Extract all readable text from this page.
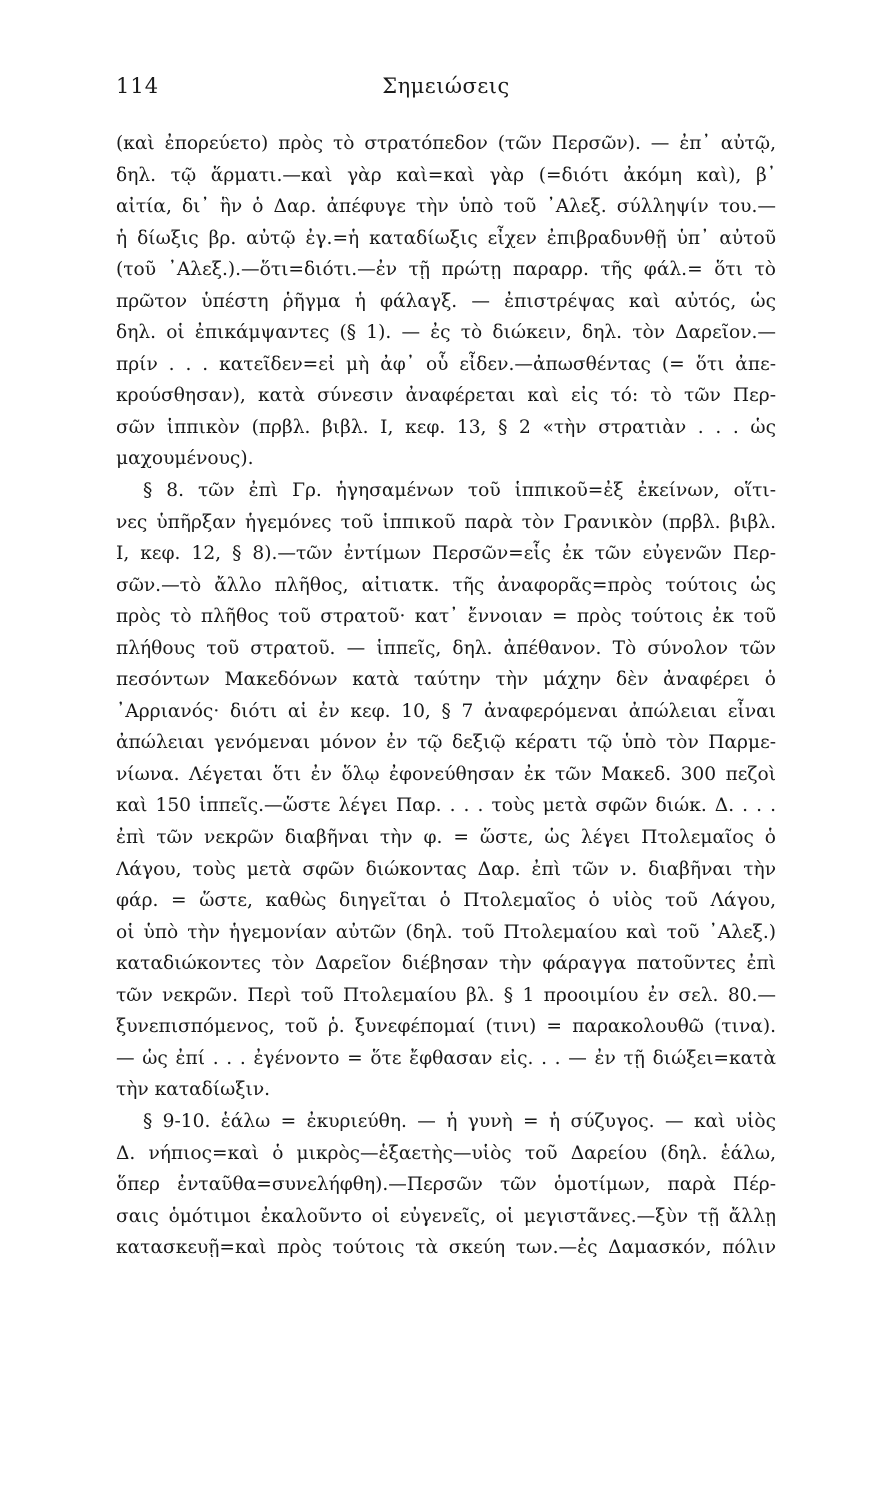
114	Σημειώσεις
(καὶ ἐπορεύετο) πρὸς τὸ στρατόπεδον (τῶν Περσῶν). — ἐπ᾽ αὐτῷ,
δηλ. τῷ ἅρματι.—καὶ γὰρ καὶ=καὶ γὰρ (=διότι ἀκόμη καὶ), β᾽
αἰτία, δι᾽ ἣν ὁ Δαρ. ἀπέφυγε τὴν ὑπὸ τοῦ ᾿Αλεξ. σύλληψίν του.—
ἡ δίωξις βρ. αὐτῷ ἐγ.=ἡ καταδίωξις εἶχεν ἐπιβραδυνθῇ ὑπ᾽ αὐτοῦ
(τοῦ ᾿Αλεξ.).—ὅτι=διότι.—ἐν τῇ πρώτῃ παραρρ. τῆς φάλ.= ὅτι τὸ
πρῶτον ὑπέστη ῥῆγμα ἡ φάλαγξ. — ἐπιστρέψας καὶ αὐτός, ὡς
δηλ. οἱ ἐπικάμψαντες (§ 1). — ἐς τὸ διώκειν, δηλ. τὸν Δαρεῖον.—
πρίν . . . κατεῖδεν=εἰ μὴ ἀφ᾽ οὗ εἶδεν.—ἀπωσθέντας (= ὅτι ἀπε-
κρούσθησαν), κατὰ σύνεσιν ἀναφέρεται καὶ εἰς τό: τὸ τῶν Περ-
σῶν ἱππικὸν (πρβλ. βιβλ. I, κεφ. 13, § 2 «τὴν στρατιὰν . . . ὡς
μαχουμένους).
§ 8. τῶν ἐπὶ Γρ. ἡγησαμένων τοῦ ἱππικοῦ=ἐξ ἐκείνων, οἵτι-
νες ὑπῆρξαν ἡγεμόνες τοῦ ἱππικοῦ παρὰ τὸν Γρανικὸν (πρβλ. βιβλ.
I, κεφ. 12, § 8).—τῶν ἐντίμων Περσῶν=εἷς ἐκ τῶν εὐγενῶν Περ-
σῶν.—τὸ ἄλλο πλῆθος, αἰτιατκ. τῆς ἀναφορᾶς=πρὸς τούτοις ὡς
πρὸς τὸ πλῆθος τοῦ στρατοῦ· κατ᾽ ἔννοιαν = πρὸς τούτοις ἐκ τοῦ
πλήθους τοῦ στρατοῦ. — ἱππεῖς, δηλ. ἀπέθανον. Τὸ σύνολον τῶν
πεσόντων Μακεδόνων κατὰ ταύτην τὴν μάχην δὲν ἀναφέρει ὁ
᾿Αρριανός· διότι αἱ ἐν κεφ. 10, § 7 ἀναφερόμεναι ἀπώλειαι εἶναι
ἀπώλειαι γενόμεναι μόνον ἐν τῷ δεξιῷ κέρατι τῷ ὑπὸ τὸν Παρμε-
νίωνα. Λέγεται ὅτι ἐν ὅλῳ ἐφονεύθησαν ἐκ τῶν Μακεδ. 300 πεζοὶ
καὶ 150 ἱππεῖς.—ὥστε λέγει Παρ. . . . τοὺς μετὰ σφῶν διώκ. Δ. . . .
ἐπὶ τῶν νεκρῶν διαβῆναι τὴν φ. = ὥστε, ὡς λέγει Πτολεμαῖος ὁ
Λάγου, τοὺς μετὰ σφῶν διώκοντας Δαρ. ἐπὶ τῶν ν. διαβῆναι τὴν
φάρ. = ὥστε, καθὼς διηγεῖται ὁ Πτολεμαῖος ὁ υἱὸς τοῦ Λάγου,
οἱ ὑπὸ τὴν ἡγεμονίαν αὐτῶν (δηλ. τοῦ Πτολεμαίου καὶ τοῦ ᾿Αλεξ.)
καταδιώκοντες τὸν Δαρεῖον διέβησαν τὴν φάραγγα πατοῦντες ἐπὶ
τῶν νεκρῶν. Περὶ τοῦ Πτολεμαίου βλ. § 1 προοιμίου ἐν σελ. 80.—
ξυνεπισπόμενος, τοῦ ῥ. ξυνεφέπομαί (τινι) = παρακολουθῶ (τινα).
— ὡς ἐπί . . . ἐγένοντο = ὅτε ἔφθασαν εἰς. . . — ἐν τῇ διώξει=κατὰ
τὴν καταδίωξιν.
§ 9-10. ἑάλω = ἐκυριεύθη. — ἡ γυνὴ = ἡ σύζυγος. — καὶ υἱὸς
Δ. νήπιος=καὶ ὁ μικρὸς—ἑξαετὴς—υἱὸς τοῦ Δαρείου (δηλ. ἑάλω,
ὅπερ ἐνταῦθα=συνελήφθη).—Περσῶν τῶν ὁμοτίμων, παρὰ Πέρ-
σαις ὁμότιμοι ἐκαλοῦντο οἱ εὐγενεῖς, οἱ μεγιστᾶνες.—ξὺν τῇ ἄλλῃ
κατασκευῇ=καὶ πρὸς τούτοις τὰ σκεύη των.—ἐς Δαμασκόν, πόλιν
